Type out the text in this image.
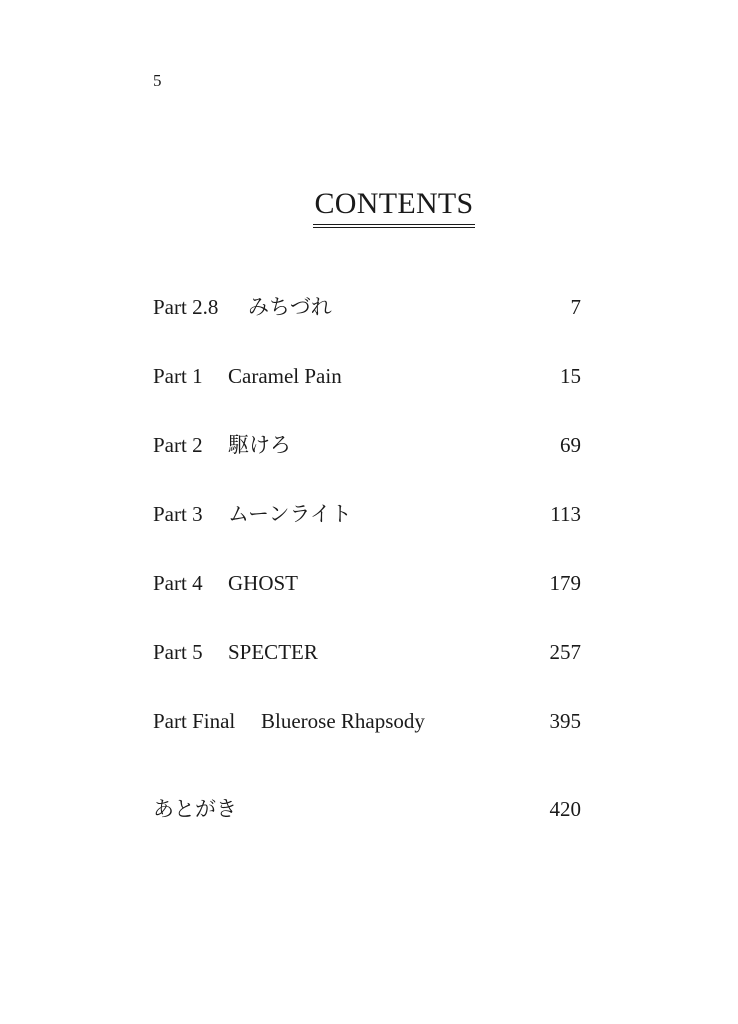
5
CONTENTS
Part 2.8 みちづれ	7
Part 1 Caramel Pain	15
Part 2 駆けろ	69
Part 3 ムーンライト	113
Part 4 GHOST	179
Part 5 SPECTER	257
Part Final Bluerose Rhapsody	395
あとがき	420
